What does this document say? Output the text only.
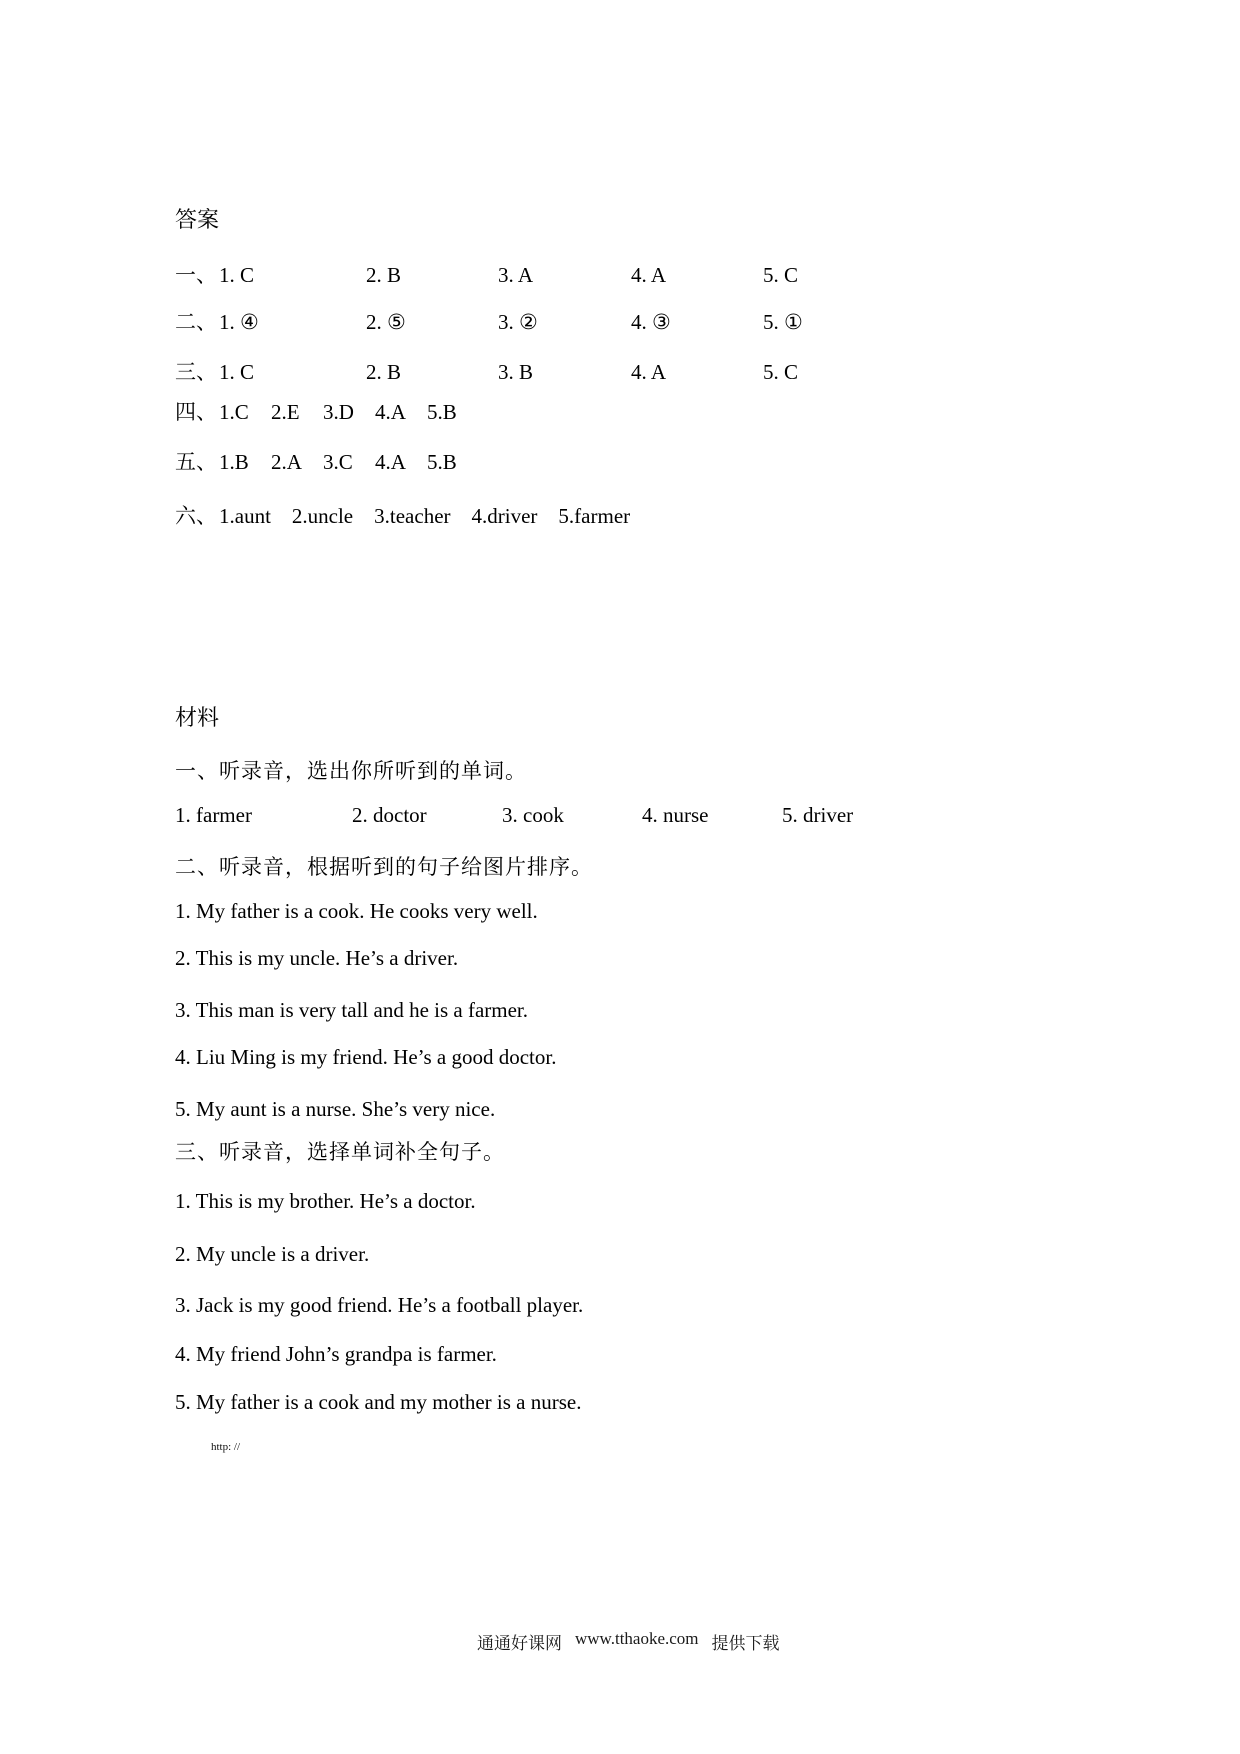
答案
一、 1. C	2. B	3. A	4. A	5. C
二、 1. ④	2. ⑤	3. ②	4. ③	5. ①
三、 1. C	2. B	3. B	4. A	5. C
四、 1.C	2.E	3.D	4.A	5.B
五、 1.B	2.A	3.C	4.A	5.B
六、 1.aunt 2.uncle 3.teacher 4.driver 5.farmer
材料
一、听录音，选出你所听到的单词。
1. farmer	2. doctor	3. cook	4. nurse	5. driver
二、听录音，根据听到的句子给图片排序。
1. My father is a cook. He cooks very well.
2. This is my uncle. He’s a driver.
3. This man is very tall and he is a farmer.
4. Liu Ming is my friend. He’s a good doctor.
5. My aunt is a nurse. She’s very nice.
三、听录音，选择单词补全句子。
1. This is my brother. He’s a doctor.
2. My uncle is a driver.
3. Jack is my good friend. He’s a football player.
4. My friend John’s grandpa is farmer.
5. My father is a cook and my mother is a nurse.
http: //
通通好课网 www.tthaoke.com 提供下载
